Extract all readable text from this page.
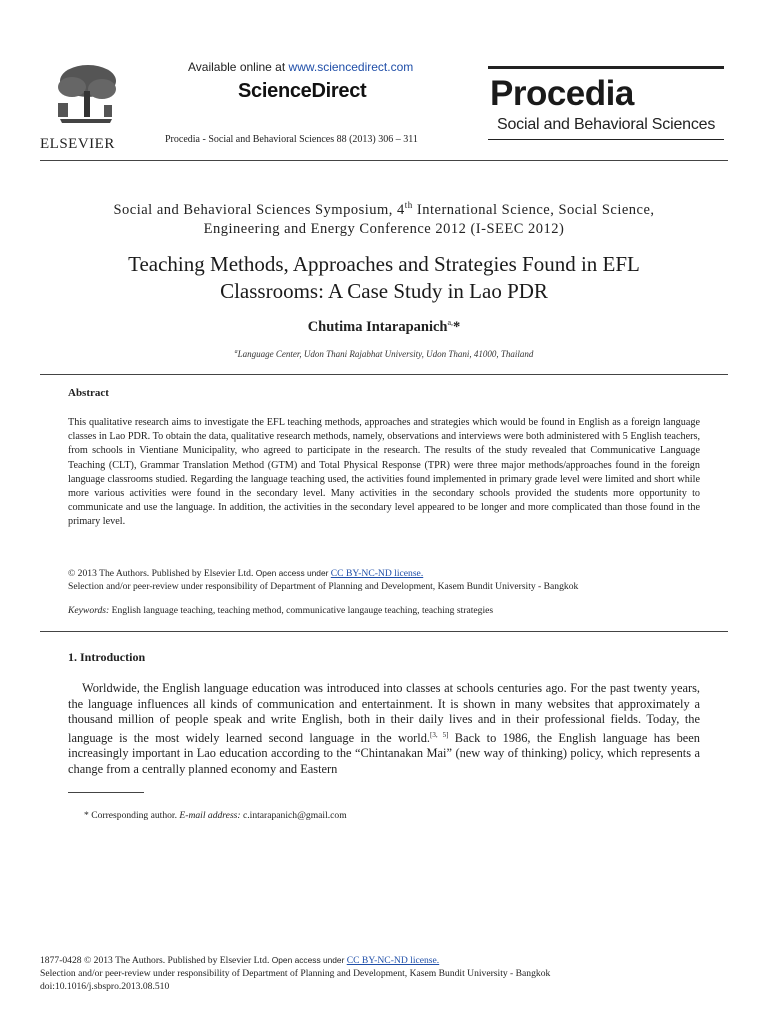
ELSEVIER
Available online at www.sciencedirect.com
ScienceDirect
Procedia - Social and Behavioral Sciences 88 (2013) 306 – 311
Procedia
Social and Behavioral Sciences
Social and Behavioral Sciences Symposium, 4th International Science, Social Science,
Engineering and Energy Conference 2012 (I-SEEC 2012)
Teaching Methods, Approaches and Strategies Found in EFL
Classrooms: A Case Study in Lao PDR
Chutima Intarapanich$^{a,}$*
$^a$Language Center, Udon Thani Rajabhat University, Udon Thani, 41000, Thailand
Abstract
This qualitative research aims to investigate the EFL teaching methods, approaches and strategies which would be found in English as a foreign language classes in Lao PDR. To obtain the data, qualitative research methods, namely, observations and interviews were both administered with 5 English teachers, from schools in Vientiane Municipality, who agreed to participate in the research. The results of the study revealed that Communicative Language Teaching (CLT), Grammar Translation Method (GTM) and Total Physical Response (TPR) were three major methods/approaches found in the foreign language classrooms studied. Regarding the language teaching used, the activities found implemented in primary grade level were limited and short while more various activities were found in the secondary level. Many activities in the secondary schools provided the students more opportunity to communicate and use the language. In addition, the activities in the secondary level appeared to be longer and more complicated than those found in the primary level.
© 2013 The Authors. Published by Elsevier Ltd. Open access under CC BY-NC-ND license.
Selection and/or peer-review under responsibility of Department of Planning and Development, Kasem Bundit University - Bangkok
Keywords: English language teaching, teaching method, communicative langauge teaching, teaching strategies
1. Introduction
Worldwide, the English language education was introduced into classes at schools centuries ago. For the past twenty years, the language influences all kinds of communication and entertainment. It is shown in many websites that approximately a thousand million of people speak and write English, both in their daily lives and in their professional fields. Today, the language is the most widely learned second language in the world.[3, 5] Back to 1986, the English language has been increasingly important in Lao education according to the “Chintanakan Mai” (new way of thinking) policy, which represents a change from a centrally planned economy and Eastern
* Corresponding author. E-mail address: c.intarapanich@gmail.com
1877-0428 © 2013 The Authors. Published by Elsevier Ltd. Open access under CC BY-NC-ND license.
Selection and/or peer-review under responsibility of Department of Planning and Development, Kasem Bundit University - Bangkok
doi:10.1016/j.sbspro.2013.08.510
